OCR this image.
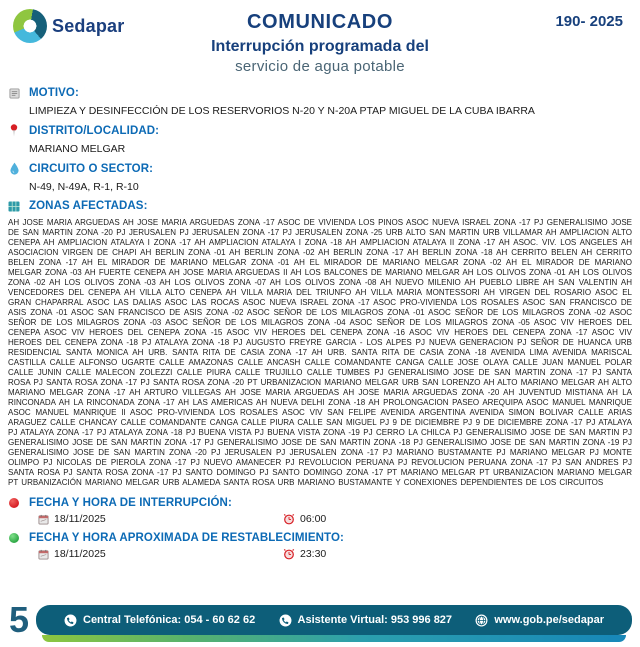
Sedapar	190- 2025
COMUNICADO
Interrupción programada del
servicio de agua potable
MOTIVO:
LIMPIEZA Y DESINFECCIÓN DE LOS RESERVORIOS N-20 Y N-20A PTAP MIGUEL DE LA CUBA IBARRA
DISTRITO/LOCALIDAD:
MARIANO MELGAR
CIRCUITO O SECTOR:
N-49, N-49A, R-1, R-10
ZONAS AFECTADAS:
AH JOSE MARIA ARGUEDAS AH JOSE MARIA ARGUEDAS ZONA -17 ASOC DE VIVIENDA LOS PINOS ASOC NUEVA ISRAEL ZONA -17 PJ GENERALISIMO JOSE DE SAN MARTIN ZONA -20 PJ JERUSALEN PJ JERUSALEN ZONA -17 PJ JERUSALEN ZONA -25 URB ALTO SAN MARTIN URB VILLAMAR AH AMPLIACION ALTO CENEPA AH AMPLIACION ATALAYA I ZONA -17 AH AMPLIACION ATALAYA I ZONA -18 AH AMPLIACION ATALAYA II ZONA -17 AH ASOC. VIV. LOS ANGELES AH ASOCIACION VIRGEN DE CHAPI AH BERLIN ZONA -01 AH BERLIN ZONA -02 AH BERLIN ZONA -17 AH BERLIN ZONA -18 AH CERRITO BELEN AH CERRITO BELEN ZONA -17 AH EL MIRADOR DE MARIANO MELGAR ZONA -01 AH EL MIRADOR DE MARIANO MELGAR ZONA -02 AH EL MIRADOR DE MARIANO MELGAR ZONA -03 AH FUERTE CENEPA AH JOSE MARIA ARGUEDAS II AH LOS BALCONES DE MARIANO MELGAR AH LOS OLIVOS ZONA -01 AH LOS OLIVOS ZONA -02 AH LOS OLIVOS ZONA -03 AH LOS OLIVOS ZONA -07 AH LOS OLIVOS ZONA -08 AH NUEVO MILENIO AH PUEBLO LIBRE AH SAN VALENTIN AH VENCEDORES DEL CENEPA AH VILLA ALTO CENEPA AH VILLA MARIA DEL TRIUNFO AH VILLA MARIA MONTESSORI AH VIRGEN DEL ROSARIO ASOC EL GRAN CHAPARRAL ASOC LAS DALIAS ASOC LAS ROCAS ASOC NUEVA ISRAEL ZONA -17 ASOC PRO-VIVIENDA LOS ROSALES ASOC SAN FRANCISCO DE ASIS ZONA -01 ASOC SAN FRANCISCO DE ASIS ZONA -02 ASOC SEÑOR DE LOS MILAGROS ZONA -01 ASOC SEÑOR DE LOS MILAGROS ZONA -02 ASOC SEÑOR DE LOS MILAGROS ZONA -03 ASOC SEÑOR DE LOS MILAGROS ZONA -04 ASOC SEÑOR DE LOS MILAGROS ZONA -05 ASOC VIV HEROES DEL CENEPA ASOC VIV HEROES DEL CENEPA ZONA -15 ASOC VIV HEROES DEL CENEPA ZONA -16 ASOC VIV HEROES DEL CENEPA ZONA -17 ASOC VIV HEROES DEL CENEPA ZONA -18 PJ ATALAYA ZONA -18 PJ AUGUSTO FREYRE GARCIA - LOS ALPES PJ NUEVA GENERACION PJ SEÑOR DE HUANCA URB RESIDENCIAL SANTA MONICA AH URB. SANTA RITA DE CASIA ZONA -17 AH URB. SANTA RITA DE CASIA ZONA -18 AVENIDA LIMA AVENIDA MARISCAL CASTILLA CALLE ALFONSO UGARTE CALLE AMAZONAS CALLE ANCASH CALLE COMANDANTE CANGA CALLE JOSE OLAYA CALLE JUAN MANUEL POLAR CALLE JUNIN CALLE MALECON ZOLEZZI CALLE PIURA CALLE TRUJILLO CALLE TUMBES PJ GENERALISIMO JOSE DE SAN MARTIN ZONA -17 PJ SANTA ROSA PJ SANTA ROSA ZONA -17 PJ SANTA ROSA ZONA -20 PT URBANIZACION MARIANO MELGAR URB SAN LORENZO AH ALTO MARIANO MELGAR AH ALTO MARIANO MELGAR ZONA -17 AH ARTURO VILLEGAS AH JOSE MARIA ARGUEDAS AH JOSE MARIA ARGUEDAS ZONA -20 AH JUVENTUD MISTIANA AH LA RINCONADA AH LA RINCONADA ZONA -17 AH LAS AMERICAS AH NUEVA DELHI ZONA -18 AH PROLONGACION PASEO AREQUIPA ASOC MANUEL MANRIQUE ASOC MANUEL MANRIQUE II ASOC PRO-VIVIENDA LOS ROSALES ASOC VIV SAN FELIPE AVENIDA ARGENTINA AVENIDA SIMON BOLIVAR CALLE ARIAS ARAGUEZ CALLE CHANCAY CALLE COMANDANTE CANGA CALLE PIURA CALLE SAN MIGUEL PJ 9 DE DICIEMBRE PJ 9 DE DICIEMBRE ZONA -17 PJ ATALAYA PJ ATALAYA ZONA -17 PJ ATALAYA ZONA -18 PJ BUENA VISTA PJ BUENA VISTA ZONA -19 PJ CERRO LA CHILCA PJ GENERALISIMO JOSE DE SAN MARTIN PJ GENERALISIMO JOSE DE SAN MARTIN ZONA -17 PJ GENERALISIMO JOSE DE SAN MARTIN ZONA -18 PJ GENERALISIMO JOSE DE SAN MARTIN ZONA -19 PJ GENERALISIMO JOSE DE SAN MARTIN ZONA -20 PJ JERUSALEN PJ JERUSALEN ZONA -17 PJ MARIANO BUSTAMANTE PJ MARIANO MELGAR PJ MONTE OLIMPO PJ NICOLAS DE PIEROLA ZONA -17 PJ NUEVO AMANECER PJ REVOLUCION PERUANA PJ REVOLUCION PERUANA ZONA -17 PJ SAN ANDRES PJ SANTA ROSA PJ SANTA ROSA ZONA -17 PJ SANTO DOMINGO PJ SANTO DOMINGO ZONA -17 PT MARIANO MELGAR PT URBANIZACION MARIANO MELGAR PT URBANIZACIÓN MARIANO MELGAR URB ALAMEDA SANTA ROSA URB MARIANO BUSTAMANTE Y CONEXIONES DEPENDIENTES DE LOS CIRCUITOS
FECHA Y HORA DE INTERRUPCIÓN:
18/11/2025	06:00
FECHA Y HORA APROXIMADA DE RESTABLECIMIENTO:
18/11/2025	23:30
5	Central Telefónica: 054 - 60 62 62	Asistente Virtual: 953 996 827	www.gob.pe/sedapar
